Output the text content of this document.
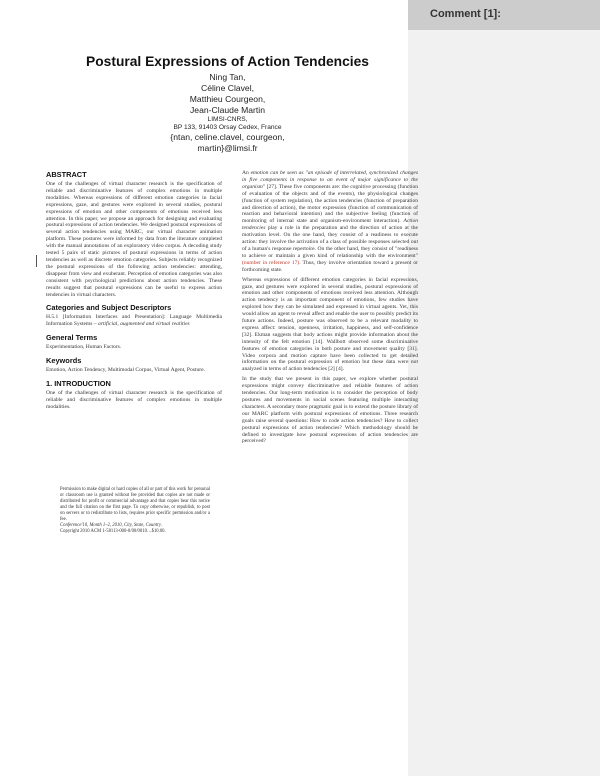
Comment [1]:
Postural Expressions of Action Tendencies
Ning Tan,
Céline Clavel,
Matthieu Courgeon,
Jean-Claude Martin
LIMSI-CNRS,
BP 133, 91403 Orsay Cedex, France
{ntan, celine.clavel, courgeon,
martin}@limsi.fr
ABSTRACT

One of the challenges of virtual character research is the specification of reliable and discriminative features of complex emotions in multiple modalities. Whereas expressions of different emotion categories in facial expressions, gaze, and gestures were explored in several studies, postural expressions of emotion and other components of emotions received less attention. In this paper, we propose an approach for designing and evaluating postural expressions of action tendencies. We designed postural expressions of several action tendencies using MARC, our virtual character animation platform. These postures were informed by data from the literature completed with the manual annotations of an exploratory video corpus. A decoding study tested 5 pairs of static pictures of postural expressions in terms of action tendencies as well as discrete emotion categories. Subjects reliably recognized the postural expressions of the following action tendencies: attending, disappear from view and exuberant. Perception of emotion categories was also consistent with psychological predictions about action tendencies. These results suggest that postural expressions can be useful to express action tendencies in virtual characters.

Categories and Subject Descriptors

H.5.1 [Information Interfaces and Presentation]: Language Multimedia Information Systems – artificial, augmented and virtual realities

General Terms

Experimentation, Human Factors.

Keywords

Emotion, Action Tendency, Multimodal Corpus, Virtual Agent, Posture.

1. INTRODUCTION

One of the challenges of virtual character research is the specification of reliable and discriminative features of complex emotions in multiple modalities.

Permission to make digital or hard copies of all or part of this work for personal or classroom use is granted without fee provided that copies are not made or distributed for profit or commercial advantage and that copies bear this notice and the full citation on the first page. To copy otherwise, or republish, to post on servers or to redistribute to lists, requires prior specific permission and/or a fee.

Conference'10, Month 1–2, 2010, City, State, Country.

Copyright 2010 ACM 1-58113-000-0/00/0010…$10.00.

An emotion can be seen as "an episode of interrelated, synchronized changes in five components in response to an event of major significance to the organism" [27]. These five components are: the cognitive processing (function of evaluation of the objects and of the events), the physiological changes (function of system regulation), the action tendencies (function of preparation and direction of action), the motor expression (function of communication of reaction and behavioral intention) and the subjective feeling (function of monitoring of internal state and organism-environment interaction). Action tendencies play a role in the preparation and the direction of action at the motivation level. On the one hand, they consist of a readiness to execute action: they involve the activation of a class of possible responses selected out of a human's response repertoire. On the other hand, they consist of "readiness to achieve or maintain a given kind of relationship with the environment" (number in reference 17). Thus, they involve orientation toward a present or forthcoming state.

Whereas expressions of different emotion categories in facial expressions, gaze, and gestures were explored in several studies, postural expressions of emotion and other components of emotions received less attention. Although action tendency is an important component of emotions, few studies have explored how they can be simulated and expressed in virtual agents. Yet, this would allow an agent to reveal affect and enable the user to possibly predict its future actions. Indeed, posture was observed to be a relevant modality to express affect: tension, openness, irritation, happiness, and self-confidence [32]. Ekman suggests that body actions might provide information about the intensity of the felt emotion [14]. Wallbott observed some discriminative features of emotion categories in both posture and movement quality [31]. Video corpora and motion capture have been collected to get detailed information on the postural expression of emotion but these data were not analyzed in terms of action tendencies [2] [4].

In the study that we present in this paper, we explore whether postural expressions might convey discriminative and reliable features of action tendencies. Our long-term motivation is to consider the perception of body postures and movements in social scenes featuring multiple interacting characters. A secondary more pragmatic goal is to extend the posture library of our MARC platform with postural expressions of emotions. Three research goals raise several questions: How to code action tendencies? How to collect postural expressions of action tendencies? Which methodology should be defined to investigate how postural expressions of action tendencies are perceived?
